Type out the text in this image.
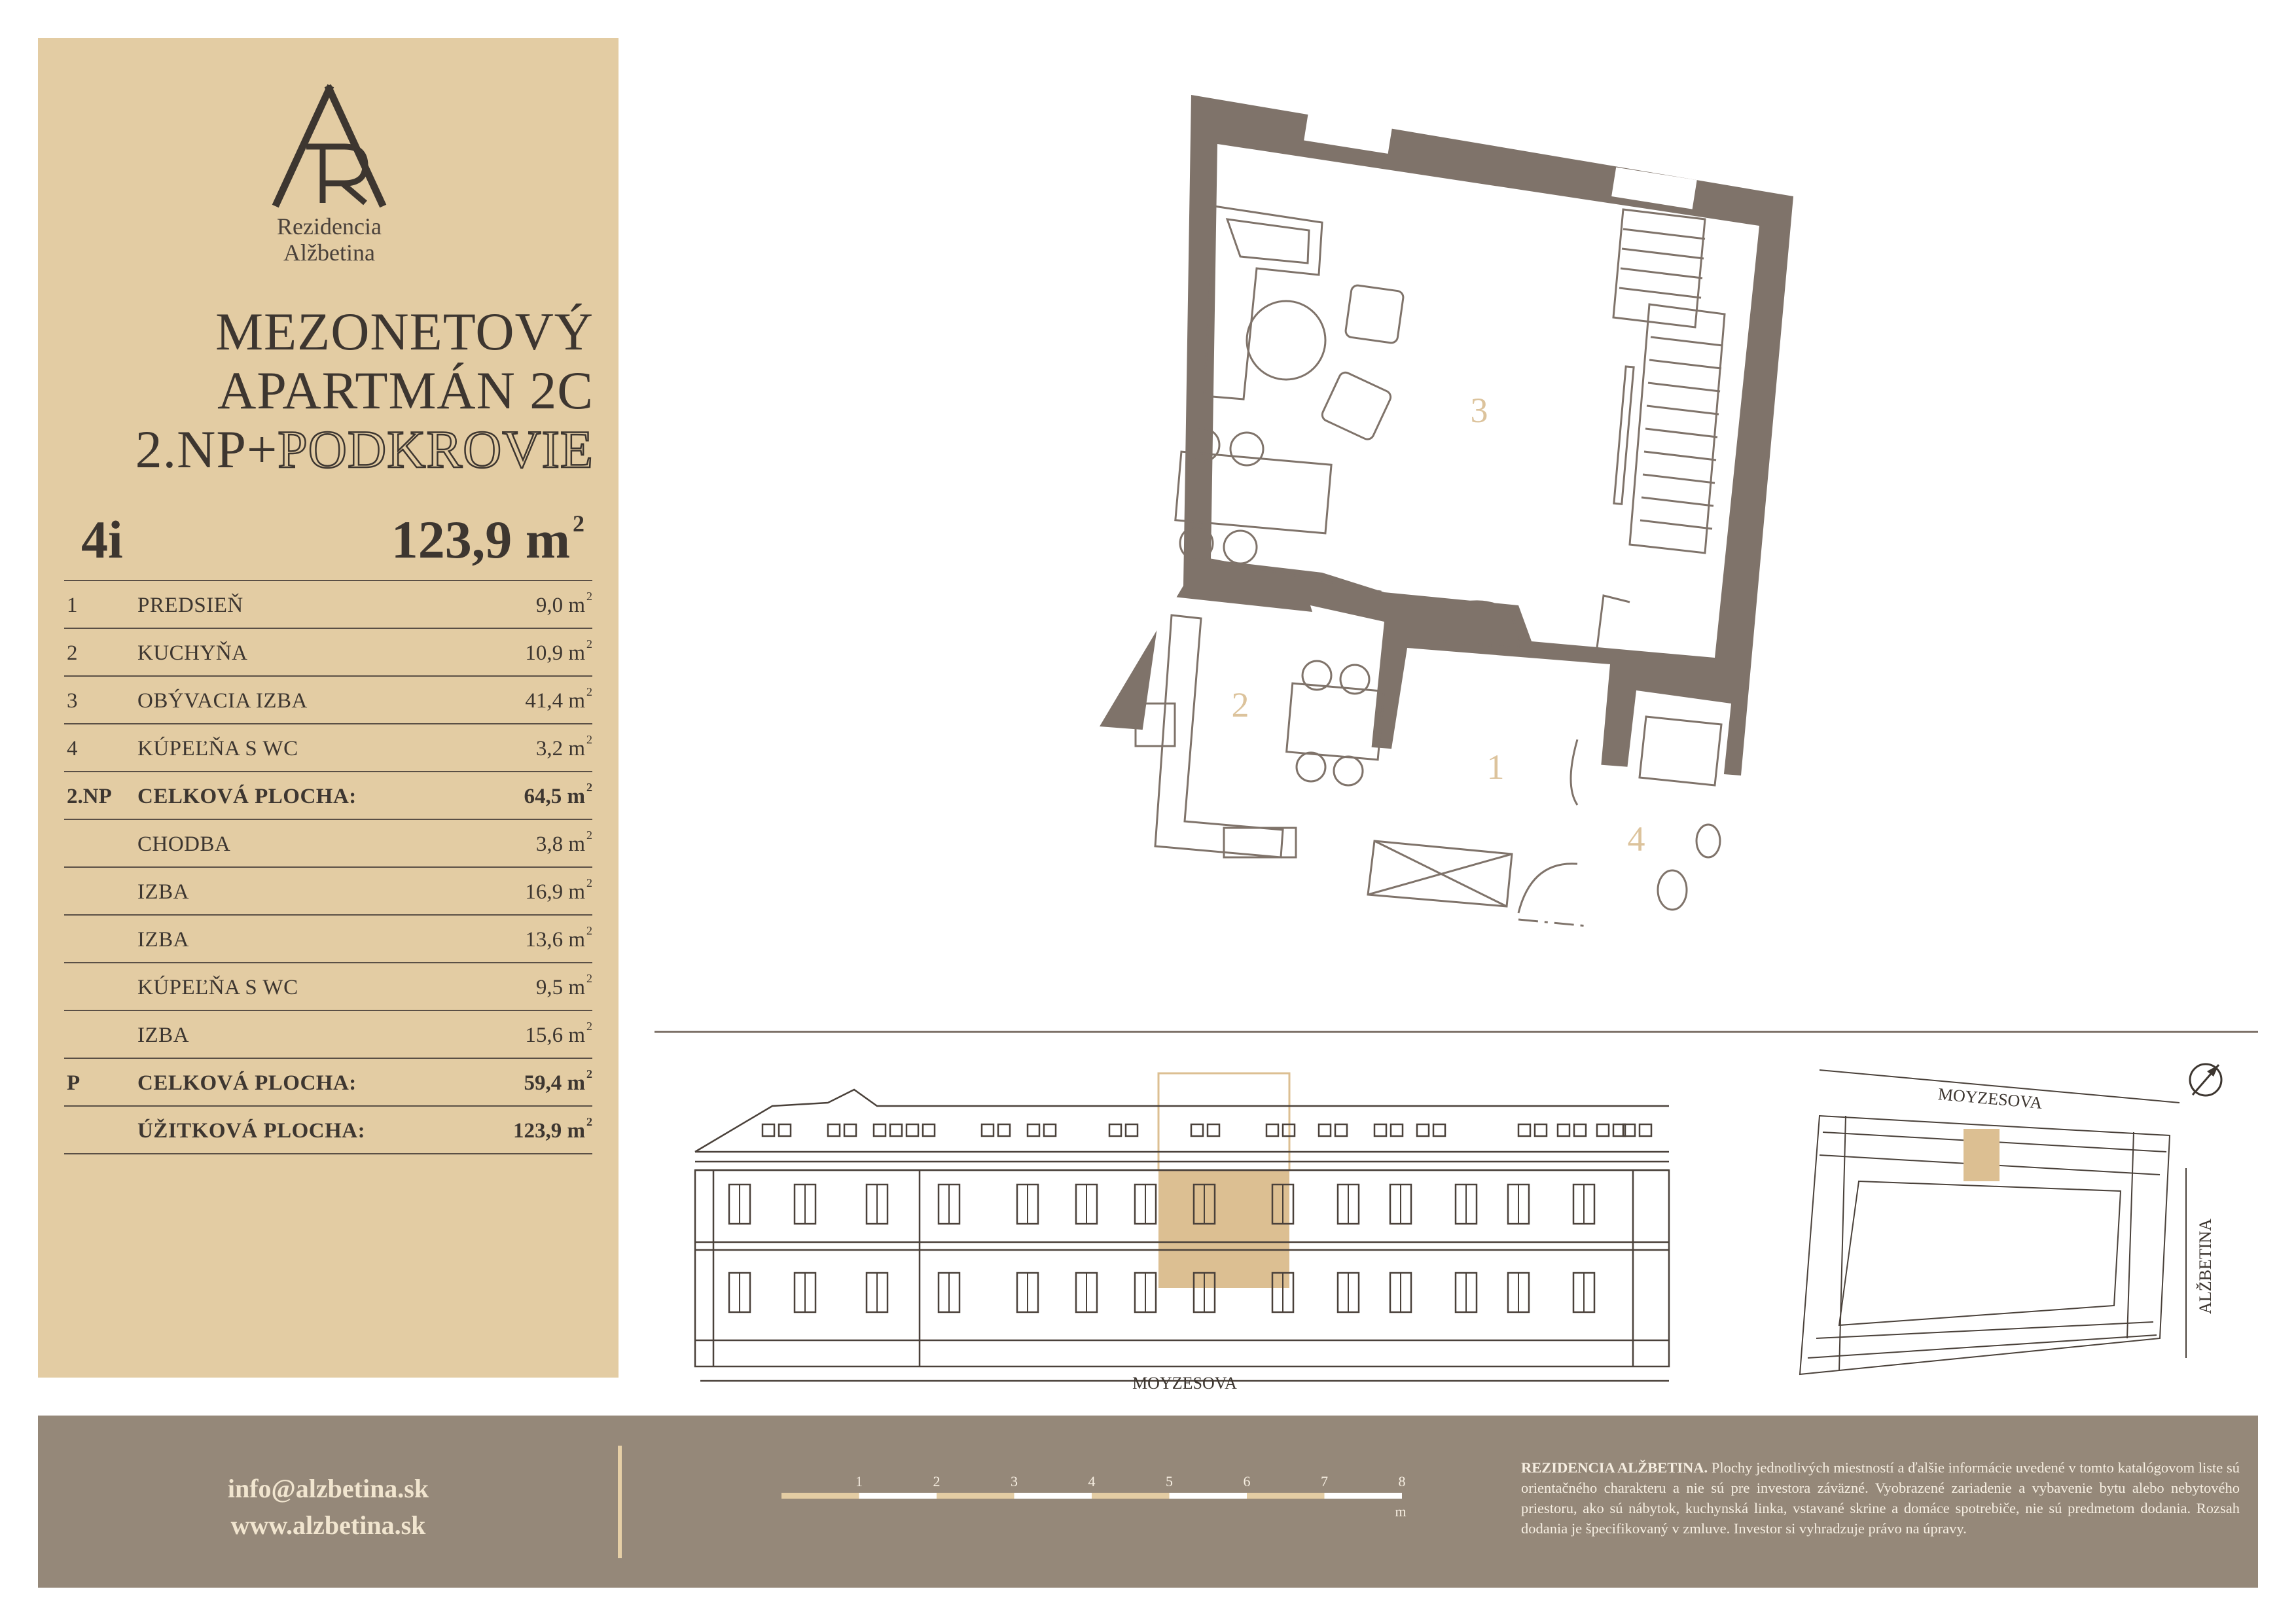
Rezidencia
Alžbetina
MEZONETOVÝ
APARTMÁN 2C
2.NP+PODKROVIE
4i	123,9 m $^2$
1	PREDSIEŇ	9,0 m $^2$
2	KUCHYŇA	10,9 m $^2$
3	OBÝVACIA IZBA	41,4 m $^2$
4	KÚPEĽŇA S WC	3,2 m $^2$
2.NP	CELKOVÁ PLOCHA:	64,5 m $^2$
CHODBA	3,8 m $^2$
IZBA	16,9 m $^2$
IZBA	13,6 m $^2$
KÚPEĽŇA S WC	9,5 m $^2$
IZBA	15,6 m $^2$
P	CELKOVÁ PLOCHA:	59,4 m $^2$
ÚŽITKOVÁ PLOCHA:	123,9 m $^2$
3
2
1
4
MOYZESOVA
MOYZESOVA
ALŽBETINA
info@alzbetina.sk
www.alzbetina.sk
1	2	3	4	5	6	7	8
m
REZIDENCIA ALŽBETINA. Plochy jednotlivých miestností a ďalšie informácie uvedené v tomto katalógovom liste sú orientačného charakteru a nie sú pre investora záväzné. Vyobrazené zariadenie a vybavenie bytu alebo nebytového priestoru, ako sú nábytok, kuchynská linka, vstavané skrine a domáce spotrebiče, nie sú predmetom dodania. Rozsah dodania je špecifikovaný v zmluve. Investor si vyhradzuje právo na úpravy.
